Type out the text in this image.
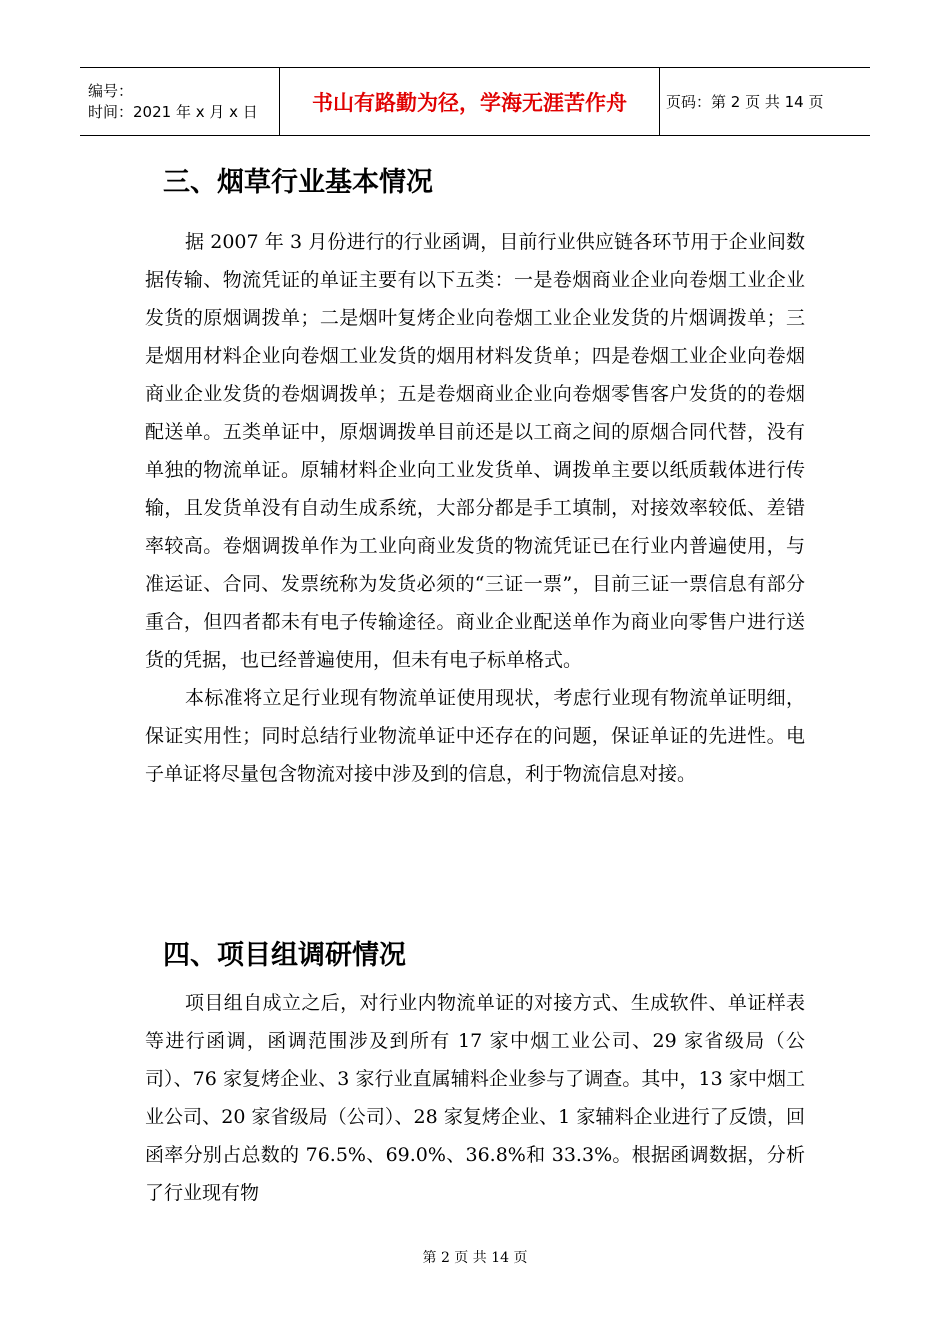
编号：
时间：2021 年 x 月 x 日	书山有路勤为径，学海无涯苦作舟	页码：第 2 页 共 14 页
三、烟草行业基本情况

据 2007 年 3 月份进行的行业函调，目前行业供应链各环节用于企业间数据传输、物流凭证的单证主要有以下五类：一是卷烟商业企业向卷烟工业企业发货的原烟调拨单；二是烟叶复烤企业向卷烟工业企业发货的片烟调拨单；三是烟用材料企业向卷烟工业发货的烟用材料发货单；四是卷烟工业企业向卷烟商业企业发货的卷烟调拨单；五是卷烟商业企业向卷烟零售客户发货的的卷烟配送单。五类单证中，原烟调拨单目前还是以工商之间的原烟合同代替，没有单独的物流单证。原辅材料企业向工业发货单、调拨单主要以纸质载体进行传输，且发货单没有自动生成系统，大部分都是手工填制，对接效率较低、差错率较高。卷烟调拨单作为工业向商业发货的物流凭证已在行业内普遍使用，与准运证、合同、发票统称为发货必须的“三证一票”，目前三证一票信息有部分重合，但四者都未有电子传输途径。商业企业配送单作为商业向零售户进行送货的凭据，也已经普遍使用，但未有电子标单格式。

本标准将立足行业现有物流单证使用现状，考虑行业现有物流单证明细，保证实用性；同时总结行业物流单证中还存在的问题，保证单证的先进性。电子单证将尽量包含物流对接中涉及到的信息，利于物流信息对接。

四、项目组调研情况

项目组自成立之后，对行业内物流单证的对接方式、生成软件、单证样表等进行函调，函调范围涉及到所有 17 家中烟工业公司、29 家省级局（公司）、76 家复烤企业、3 家行业直属辅料企业参与了调查。其中，13 家中烟工业公司、20 家省级局（公司）、28 家复烤企业、1 家辅料企业进行了反馈，回函率分别占总数的 76.5%、69.0%、36.8%和 33.3%。根据函调数据，分析了行业现有物

第 2 页 共 14 页
